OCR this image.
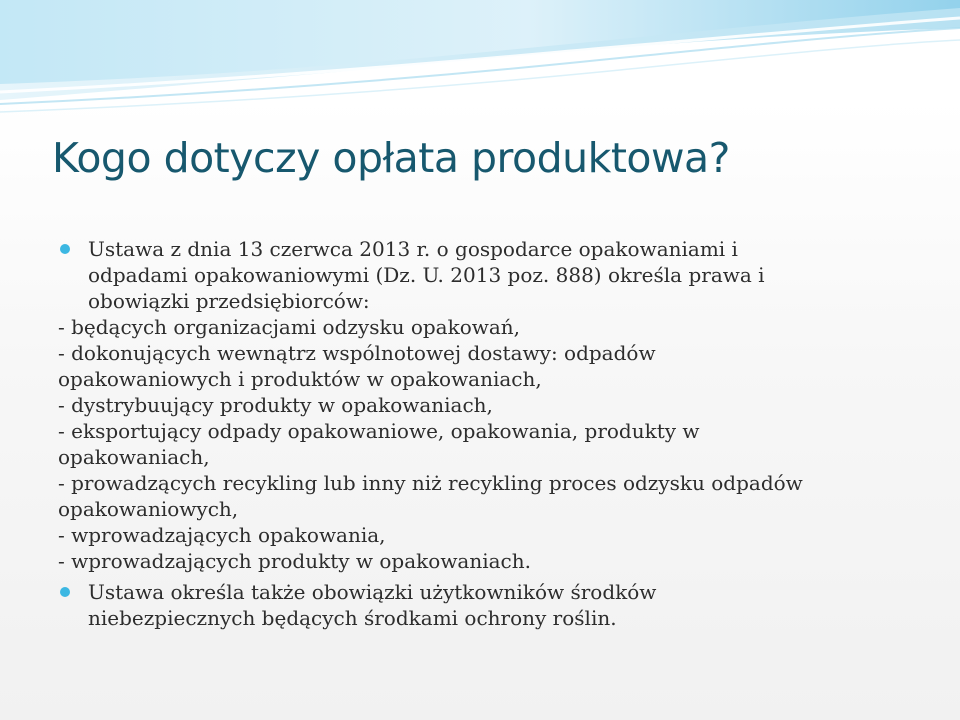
Kogo dotyczy opłata produktowa?
Ustawa z dnia 13 czerwca 2013 r. o gospodarce opakowaniami i
odpadami opakowaniowymi (Dz. U. 2013 poz. 888) określa prawa i
obowiązki przedsiębiorców:
- będących organizacjami odzysku opakowań,
- dokonujących wewnątrz wspólnotowej dostawy: odpadów
opakowaniowych i produktów w opakowaniach,
- dystrybuujący produkty w opakowaniach,
- eksportujący odpady opakowaniowe, opakowania, produkty w
opakowaniach,
- prowadzących recykling lub inny niż recykling proces odzysku odpadów
opakowaniowych,
- wprowadzających opakowania,
- wprowadzających produkty w opakowaniach.
Ustawa określa także obowiązki użytkowników środków
niebezpiecznych będących środkami ochrony roślin.
